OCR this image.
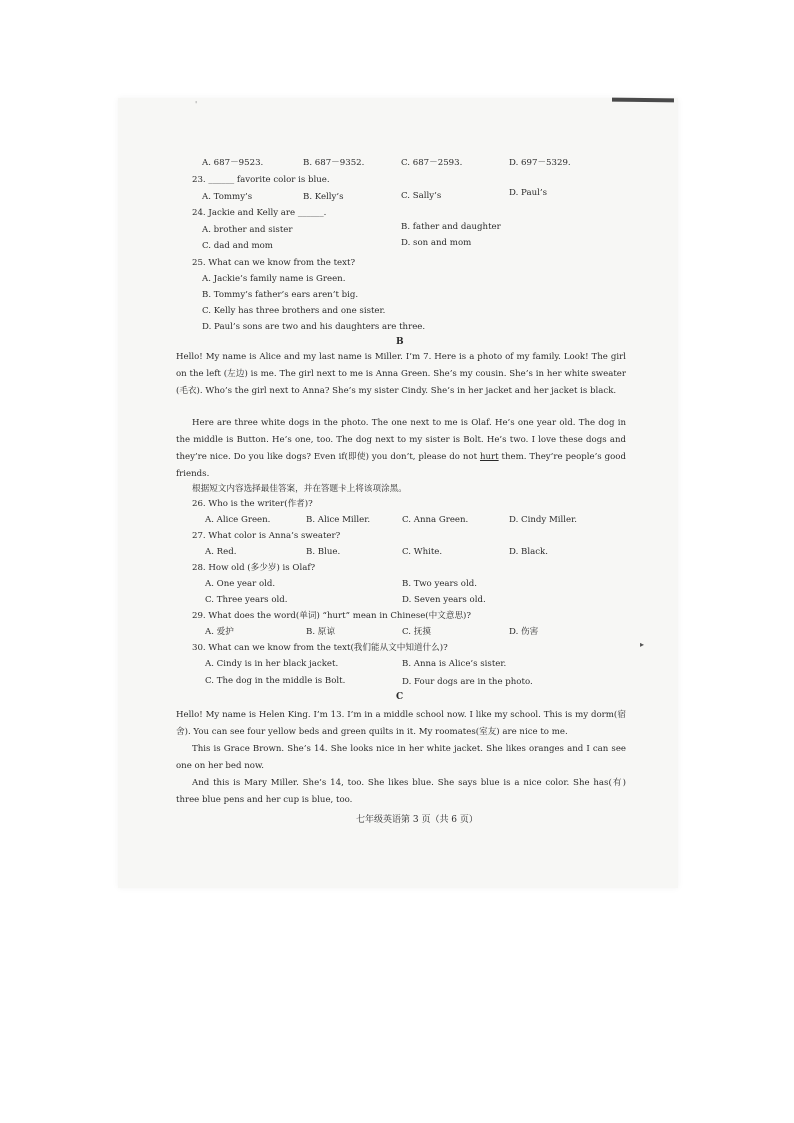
'
A. 687－9523.	B. 687－9352.	C. 687－2593.	D. 697－5329.
23. ______ favorite color is blue.
A. Tommy’s	B. Kelly’s	C. Sally’s	D. Paul’s
24. Jackie and Kelly are ______.
A. brother and sister	B. father and daughter
C. dad and mom	D. son and mom
25. What can we know from the text?
A. Jackie’s family name is Green.
B. Tommy’s father’s ears aren’t big.
C. Kelly has three brothers and one sister.
D. Paul’s sons are two and his daughters are three.
B
Hello! My name is Alice and my last name is Miller. I’m 7. Here is a photo of my family. Look! The girl on the left (左边) is me. The girl next to me is Anna Green. She’s my cousin. She’s in her white sweater (毛衣). Who’s the girl next to Anna? She’s my sister Cindy. She’s in her jacket and her jacket is black.
Here are three white dogs in the photo. The one next to me is Olaf. He’s one year old. The dog in the middle is Button. He’s one, too. The dog next to my sister is Bolt. He’s two. I love these dogs and they’re nice. Do you like dogs? Even if(即使) you don’t, please do not hurt them. They’re people’s good friends.
根据短文内容选择最佳答案，并在答题卡上将该项涂黑。
26. Who is the writer(作者)?
A. Alice Green.	B. Alice Miller.	C. Anna Green.	D. Cindy Miller.
27. What color is Anna’s sweater?
A. Red.	B. Blue.	C. White.	D. Black.
28. How old (多少岁) is Olaf?
A. One year old.	B. Two years old.
C. Three years old.	D. Seven years old.
29. What does the word(单词) “hurt” mean in Chinese(中文意思)?
A. 爱护	B. 原谅	C. 抚摸	D. 伤害
30. What can we know from the text(我们能从文中知道什么)?
A. Cindy is in her black jacket.	B. Anna is Alice’s sister.
C. The dog in the middle is Bolt.	D. Four dogs are in the photo.
C
Hello! My name is Helen King. I’m 13. I’m in a middle school now. I like my school. This is my dorm(宿舍). You can see four yellow beds and green quilts in it. My roomates(室友) are nice to me.
This is Grace Brown. She’s 14. She looks nice in her white jacket. She likes oranges and I can see one on her bed now.
And this is Mary Miller. She’s 14, too. She likes blue. She says blue is a nice color. She has(有) three blue pens and her cup is blue, too.
七年级英语第 3 页（共 6 页）
▸
